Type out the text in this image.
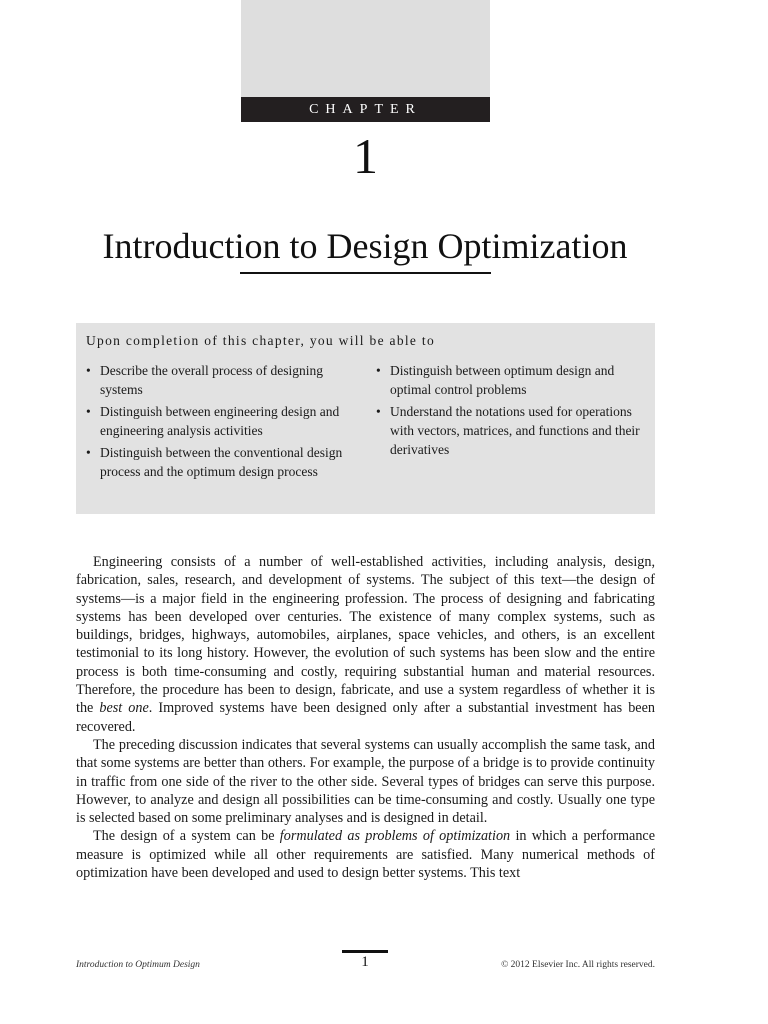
CHAPTER
1
Introduction to Design Optimization
Upon completion of this chapter, you will be able to
• Describe the overall process of designing systems
• Distinguish between engineering design and engineering analysis activities
• Distinguish between the conventional design process and the optimum design process
• Distinguish between optimum design and optimal control problems
• Understand the notations used for operations with vectors, matrices, and functions and their derivatives

Engineering consists of a number of well-established activities, including analysis, design, fabrication, sales, research, and development of systems. The subject of this text—the design of systems—is a major field in the engineering profession. The process of designing and fabricating systems has been developed over centuries. The existence of many complex systems, such as buildings, bridges, highways, automobiles, airplanes, space vehicles, and others, is an excellent testimonial to its long history. However, the evolution of such systems has been slow and the entire process is both time-consuming and costly, requiring substantial human and material resources. Therefore, the procedure has been to design, fabricate, and use a system regardless of whether it is the best one. Improved systems have been designed only after a substantial investment has been recovered.

The preceding discussion indicates that several systems can usually accomplish the same task, and that some systems are better than others. For example, the purpose of a bridge is to provide continuity in traffic from one side of the river to the other side. Several types of bridges can serve this purpose. However, to analyze and design all possibilities can be time-consuming and costly. Usually one type is selected based on some preliminary analyses and is designed in detail.

The design of a system can be formulated as problems of optimization in which a performance measure is optimized while all other requirements are satisfied. Many numerical methods of optimization have been developed and used to design better systems. This text

Introduction to Optimum Design	1	© 2012 Elsevier Inc. All rights reserved.
